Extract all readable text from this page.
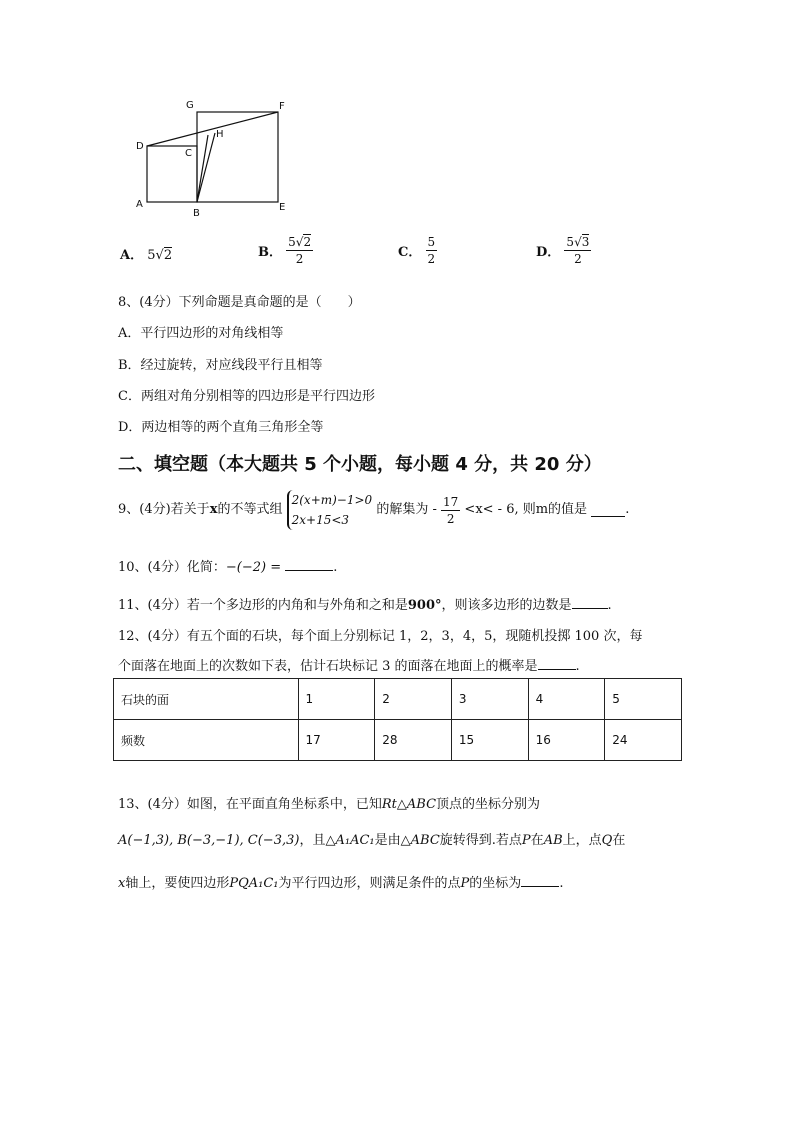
G	F
H
D
C
A
B
E
A． 5√2	B． $\frac{5√2}{2}$	C． $\frac{5}{2}$	D． $\frac{5√3}{2}$
8、(4分）下列命题是真命题的是（　　）
A．平行四边形的对角线相等
B．经过旋转，对应线段平行且相等
C．两组对角分别相等的四边形是平行四边形
D．两边相等的两个直角三角形全等
二、填空题（本大题共 5 个小题，每小题 4 分，共 20 分）
9、(4分)若关于x的不等式组
2(x+m)−1>0
2x+15<3
的解集为 - $\frac{17}{2} <x< - 6$, 则m的值是	.
10、(4分）化简：−(−2) =	.
11、(4分）若一个多边形的内角和与外角和之和是900°，则该多边形的边数是	.
12、(4分）有五个面的石块，每个面上分别标记 1，2，3，4，5，现随机投掷 100 次，每
个面落在地面上的次数如下表，估计石块标记 3 的面落在地面上的概率是	.
石块的面	1	2	3	4	5
频数	17	28	15	16	24
13、(4分）如图，在平面直角坐标系中，已知Rt△ABC顶点的坐标分别为
A(−1,3), B(−3,−1), C(−3,3)，且△A₁AC₁是由△ABC旋转得到.若点P在AB上，点Q在
x轴上，要使四边形PQA₁C₁为平行四边形，则满足条件的点P的坐标为	.
